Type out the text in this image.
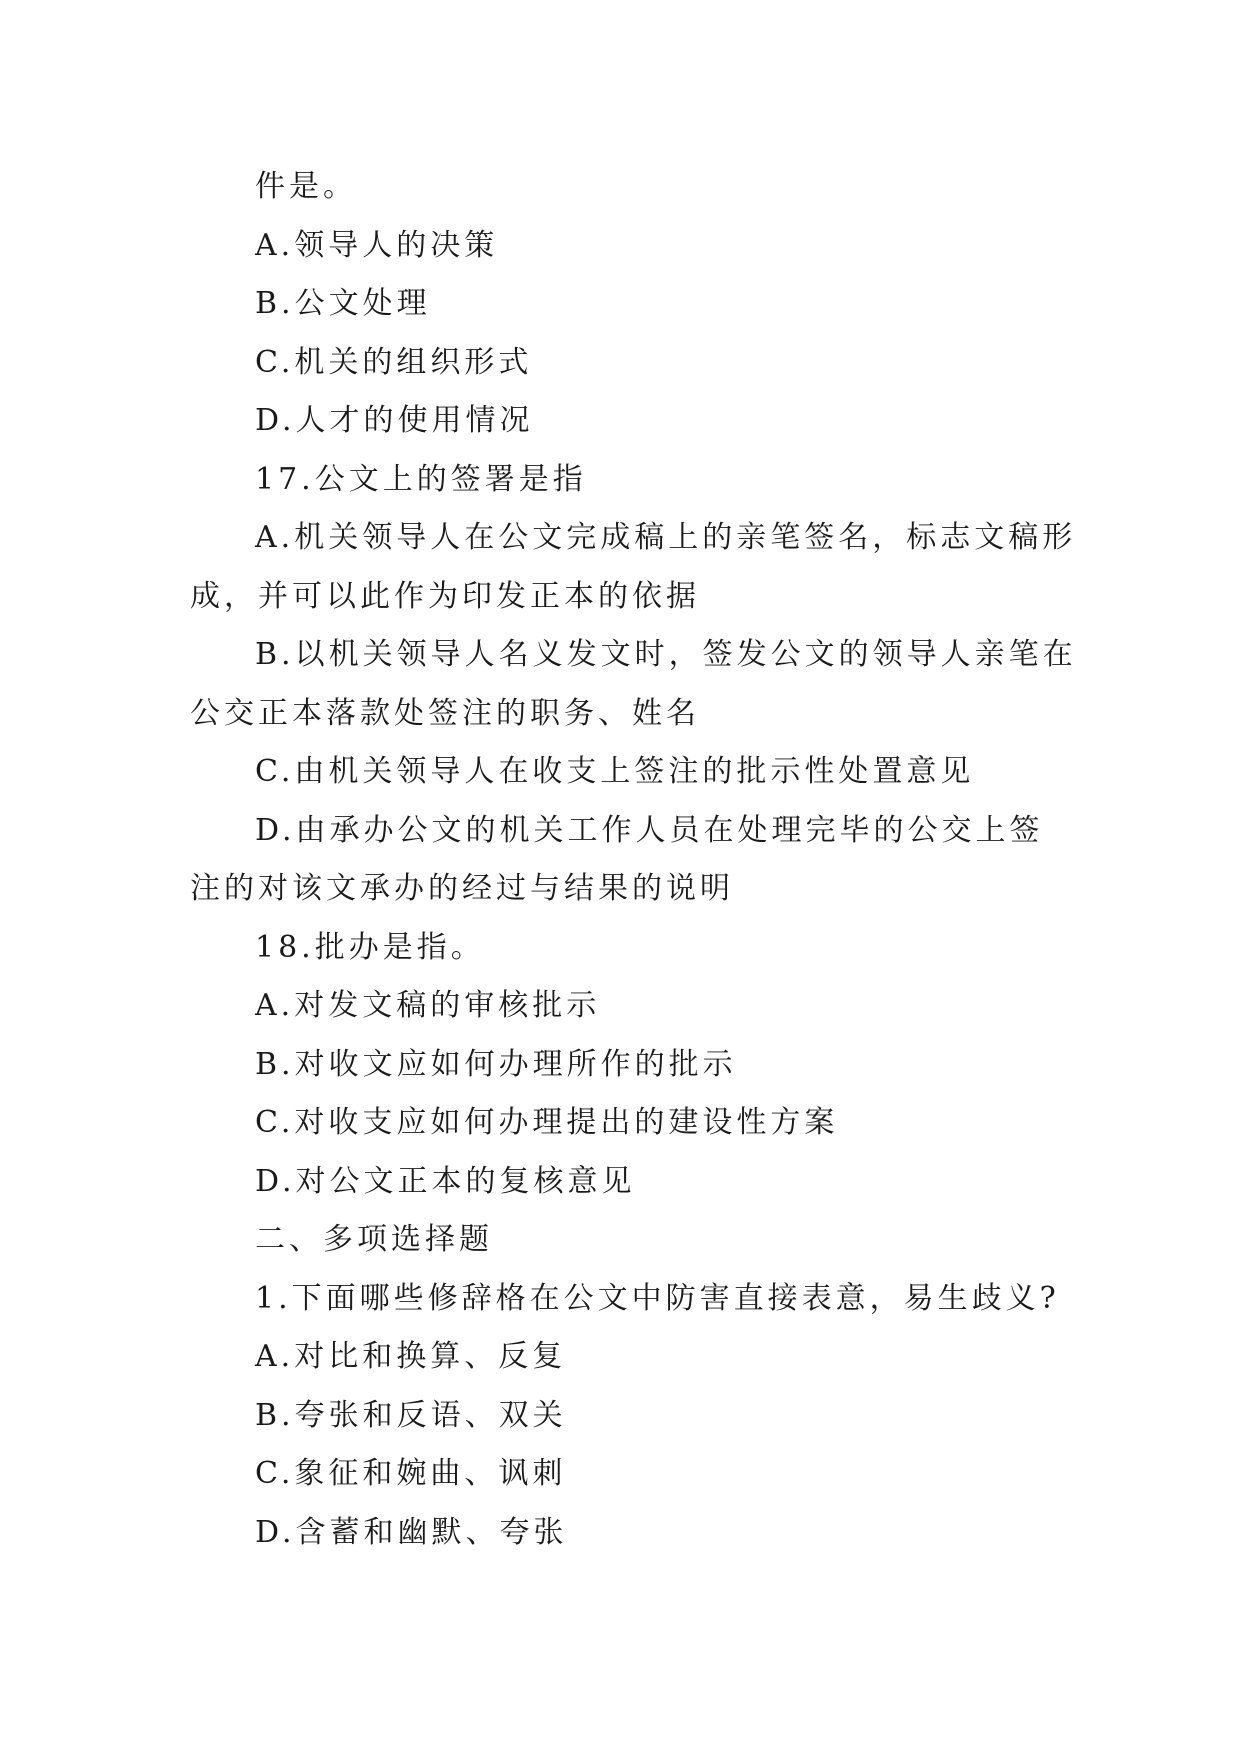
件是。
A.领导人的决策
B.公文处理
C.机关的组织形式
D.人才的使用情况
17.公文上的签署是指
A.机关领导人在公文完成稿上的亲笔签名，标志文稿形
成，并可以此作为印发正本的依据
B.以机关领导人名义发文时，签发公文的领导人亲笔在
公交正本落款处签注的职务、姓名
C.由机关领导人在收支上签注的批示性处置意见
D.由承办公文的机关工作人员在处理完毕的公交上签
注的对该文承办的经过与结果的说明
18.批办是指。
A.对发文稿的审核批示
B.对收文应如何办理所作的批示
C.对收支应如何办理提出的建设性方案
D.对公文正本的复核意见
二、多项选择题
1.下面哪些修辞格在公文中防害直接表意，易生歧义?
A.对比和换算、反复
B.夸张和反语、双关
C.象征和婉曲、讽刺
D.含蓄和幽默、夸张
